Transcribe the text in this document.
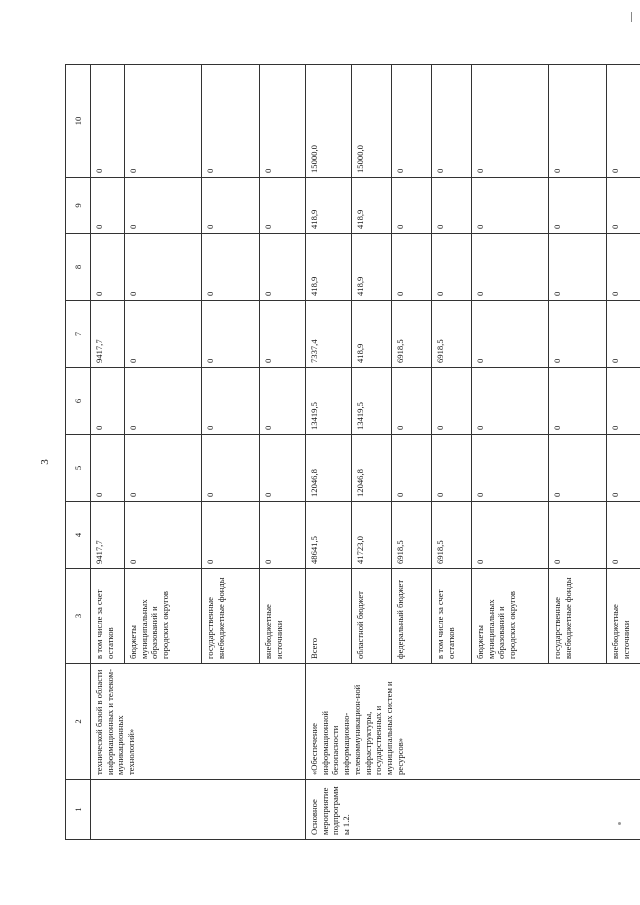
3
1	2	3	4	5	6	7	8	9	10
	технической базой в области информационных и телеком-муникационных технологий»	в том числе за счет остатков	9417,7	0	0	9417,7	0	0	0
		бюджеты муниципальных образований и городских округов	0	0	0	0	0	0	0
		государственные внебюджетные фонды	0	0	0	0	0	0	0
		внебюджетные источники	0	0	0	0	0	0	0
Основное мероприятие подпрограммы 1.2.	«Обеспечение информационной безопасности информационно-телекоммуникацион-ной инфраструктуры, государственных и муниципальных систем и ресурсов»	Всего	48641,5	12046,8	13419,5	7337,4	418,9	418,9	15000,0
		областной бюджет	41723,0	12046,8	13419,5	418,9	418,9	418,9	15000,0
		федеральный бюджет	6918,5	0	0	6918,5	0	0	0
		в том числе за счет остатков	6918,5	0	0	6918,5	0	0	0
		бюджеты муниципальных образований и городских округов	0	0	0	0	0	0	0
		государственные внебюджетные фонды	0	0	0	0	0	0	0
		внебюджетные источники	0	0	0	0	0	0	0
